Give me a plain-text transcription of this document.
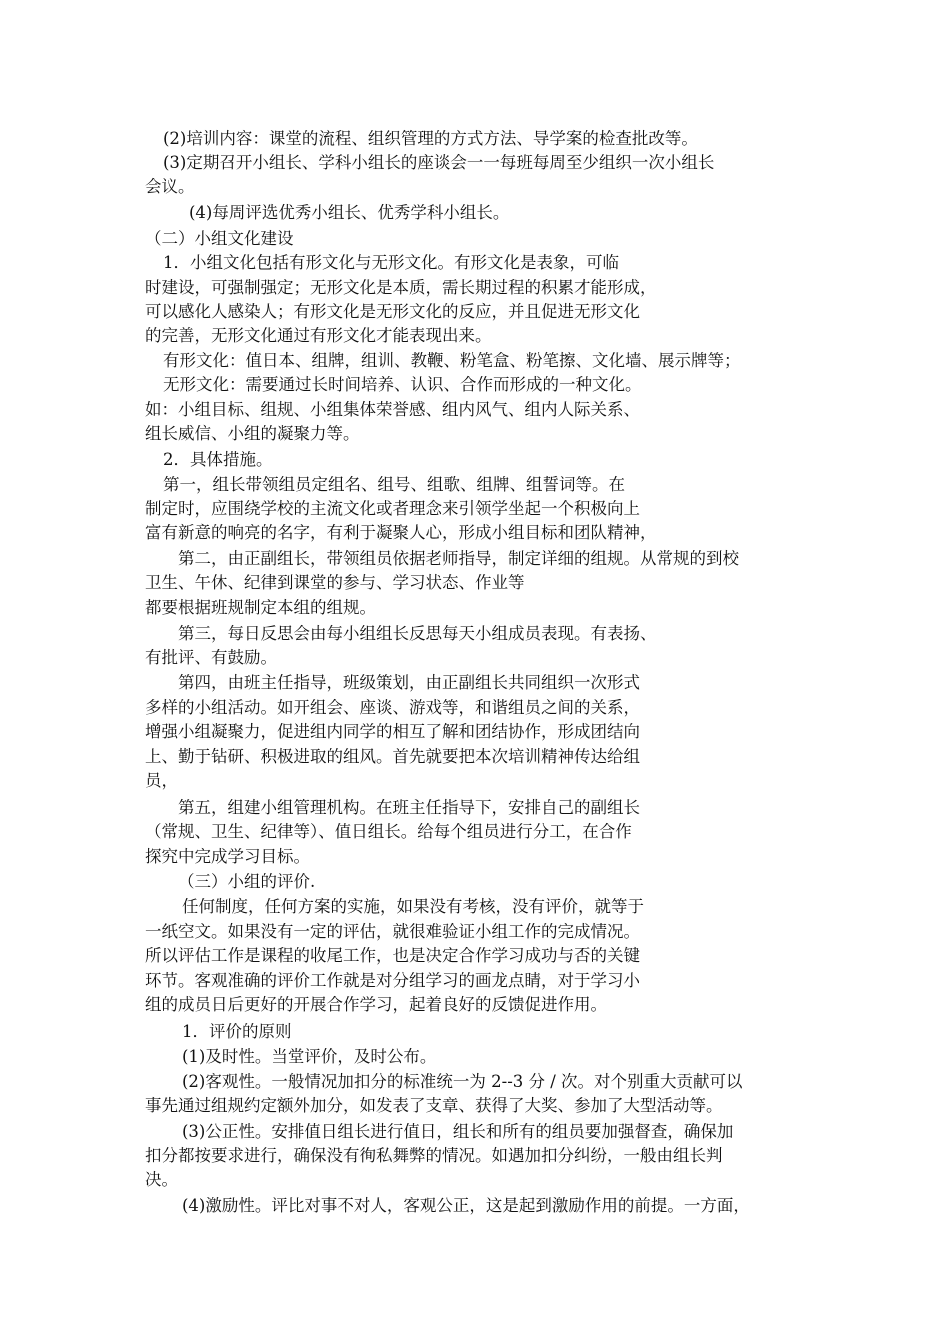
(2)培训内容：课堂的流程、组织管理的方式方法、导学案的检查批改等。

(3)定期召开小组长、学科小组长的座谈会一一每班每周至少组织一次小组长

会议。

(4)每周评选优秀小组长、优秀学科小组长。

（二）小组文化建设

1．小组文化包括有形文化与无形文化。有形文化是表象，可临

时建设，可强制强定；无形文化是本质，需长期过程的积累才能形成，

可以感化人感染人；有形文化是无形文化的反应，并且促进无形文化

的完善，无形文化通过有形文化才能表现出来。

有形文化：值日本、组牌，组训、教鞭、粉笔盒、粉笔擦、文化墙、展示牌等；

无形文化：需要通过长时间培养、认识、合作而形成的一种文化。

如：小组目标、组规、小组集体荣誉感、组内风气、组内人际关系、

组长威信、小组的凝聚力等。

2．具体措施。

第一，组长带领组员定组名、组号、组歌、组牌、组誓词等。在

制定时，应围绕学校的主流文化或者理念来引领学坐起一个积极向上

富有新意的响亮的名字，有利于凝聚人心，形成小组目标和团队精神，

第二，由正副组长，带领组员依据老师指导，制定详细的组规。从常规的到校

卫生、午休、纪律到课堂的参与、学习状态、作业等

都要根据班规制定本组的组规。

第三，每日反思会由每小组组长反思每天小组成员表现。有表扬、

有批评、有鼓励。

第四，由班主任指导，班级策划，由正副组长共同组织一次形式

多样的小组活动。如开组会、座谈、游戏等，和谐组员之间的关系，

增强小组凝聚力，促进组内同学的相互了解和团结协作，形成团结向

上、勤于钻研、积极进取的组风。首先就要把本次培训精神传达给组

员，

第五，组建小组管理机构。在班主任指导下，安排自己的副组长

（常规、卫生、纪律等）、值日组长。给每个组员进行分工，在合作

探究中完成学习目标。

（三）小组的评价.

任何制度，任何方案的实施，如果没有考核，没有评价，就等于

一纸空文。如果没有一定的评估，就很难验证小组工作的完成情况。

所以评估工作是课程的收尾工作，也是决定合作学习成功与否的关键

环节。客观准确的评价工作就是对分组学习的画龙点睛，对于学习小

组的成员日后更好的开展合作学习，起着良好的反馈促进作用。

1．评价的原则

(1)及时性。当堂评价，及时公布。

(2)客观性。一般情况加扣分的标准统一为 2--3 分 / 次。对个别重大贡献可以

事先通过组规约定额外加分，如发表了支章、获得了大奖、参加了大型活动等。

(3)公正性。安排值日组长进行值日，组长和所有的组员要加强督查，确保加

扣分都按要求进行，确保没有徇私舞弊的情况。如遇加扣分纠纷，一般由组长判

决。

(4)激励性。评比对事不对人，客观公正，这是起到激励作用的前提。一方面，
